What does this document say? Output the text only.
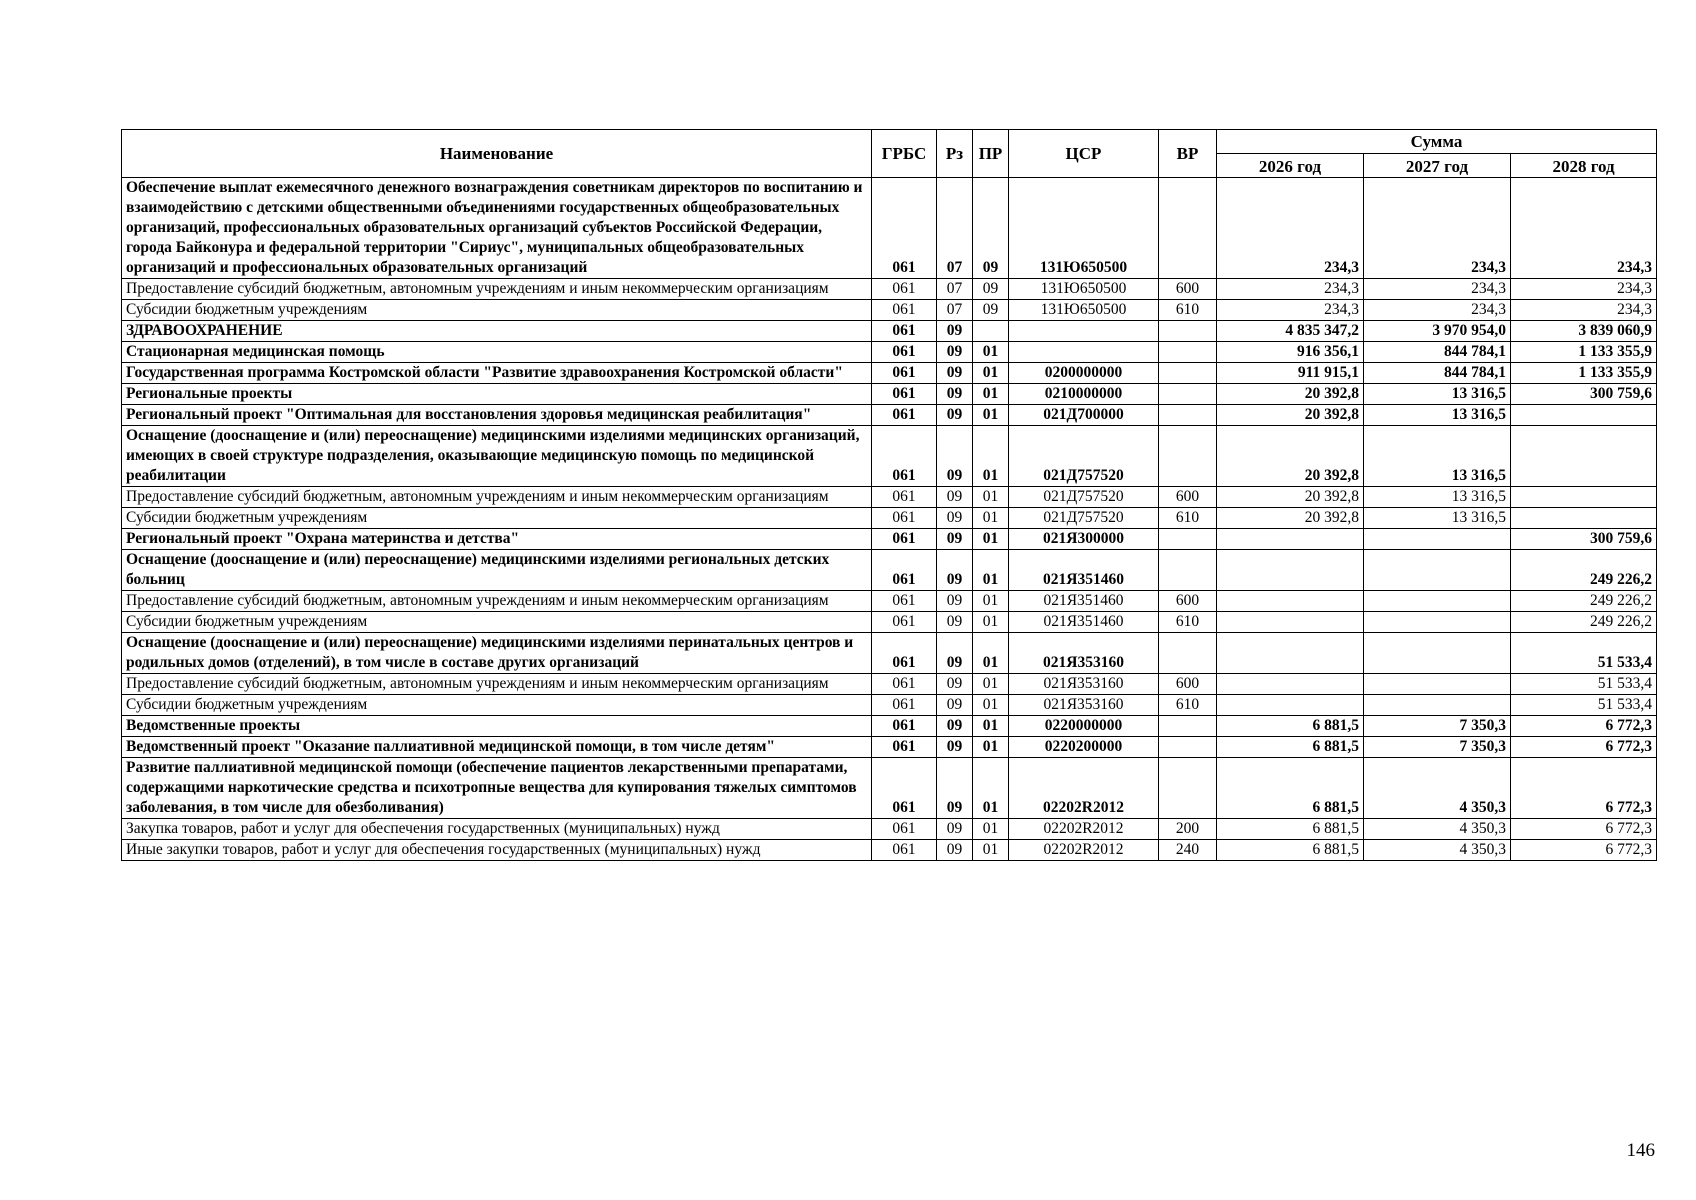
Наименование	ГРБС	Рз	ПР	ЦСР	ВР	Сумма		
						2026 год	2027 год	2028 год
Обеспечение выплат ежемесячного денежного вознаграждения советникам директоров по воспитанию и взаимодействию с детскими общественными объединениями государственных общеобразовательных организаций, профессиональных образовательных организаций субъектов Российской Федерации, города Байконура и федеральной территории "Сириус", муниципальных общеобразовательных организаций и профессиональных образовательных организаций	061	07	09	131Ю650500		234,3	234,3	234,3
Предоставление субсидий бюджетным, автономным учреждениям и иным некоммерческим организациям	061	07	09	131Ю650500	600	234,3	234,3	234,3
Субсидии бюджетным учреждениям	061	07	09	131Ю650500	610	234,3	234,3	234,3
ЗДРАВООХРАНЕНИЕ	061	09				4 835 347,2	3 970 954,0	3 839 060,9
Стационарная медицинская помощь	061	09	01			916 356,1	844 784,1	1 133 355,9
Государственная программа Костромской области "Развитие здравоохранения Костромской области"	061	09	01	0200000000		911 915,1	844 784,1	1 133 355,9
Региональные проекты	061	09	01	0210000000		20 392,8	13 316,5	300 759,6
Региональный проект "Оптимальная для восстановления здоровья медицинская реабилитация"	061	09	01	021Д700000		20 392,8	13 316,5	
Оснащение (дооснащение и (или) переоснащение) медицинскими изделиями медицинских организаций, имеющих в своей структуре подразделения, оказывающие медицинскую помощь по медицинской реабилитации	061	09	01	021Д757520		20 392,8	13 316,5	
Предоставление субсидий бюджетным, автономным учреждениям и иным некоммерческим организациям	061	09	01	021Д757520	600	20 392,8	13 316,5	
Субсидии бюджетным учреждениям	061	09	01	021Д757520	610	20 392,8	13 316,5	
Региональный проект "Охрана материнства и детства"	061	09	01	021Я300000				300 759,6
Оснащение (дооснащение и (или) переоснащение) медицинскими изделиями региональных детских больниц	061	09	01	021Я351460				249 226,2
Предоставление субсидий бюджетным, автономным учреждениям и иным некоммерческим организациям	061	09	01	021Я351460	600			249 226,2
Субсидии бюджетным учреждениям	061	09	01	021Я351460	610			249 226,2
Оснащение (дооснащение и (или) переоснащение) медицинскими изделиями перинатальных центров и родильных домов (отделений), в том числе в составе других организаций	061	09	01	021Я353160				51 533,4
Предоставление субсидий бюджетным, автономным учреждениям и иным некоммерческим организациям	061	09	01	021Я353160	600			51 533,4
Субсидии бюджетным учреждениям	061	09	01	021Я353160	610			51 533,4
Ведомственные проекты	061	09	01	0220000000		6 881,5	7 350,3	6 772,3
Ведомственный проект "Оказание паллиативной медицинской помощи, в том числе детям"	061	09	01	0220200000		6 881,5	7 350,3	6 772,3
Развитие паллиативной медицинской помощи (обеспечение пациентов лекарственными препаратами, содержащими наркотические средства и психотропные вещества для купирования тяжелых симптомов заболевания, в том числе для обезболивания)	061	09	01	02202R2012		6 881,5	4 350,3	6 772,3
Закупка товаров, работ и услуг для обеспечения государственных (муниципальных) нужд	061	09	01	02202R2012	200	6 881,5	4 350,3	6 772,3
Иные закупки товаров, работ и услуг для обеспечения государственных (муниципальных) нужд	061	09	01	02202R2012	240	6 881,5	4 350,3	6 772,3
146
